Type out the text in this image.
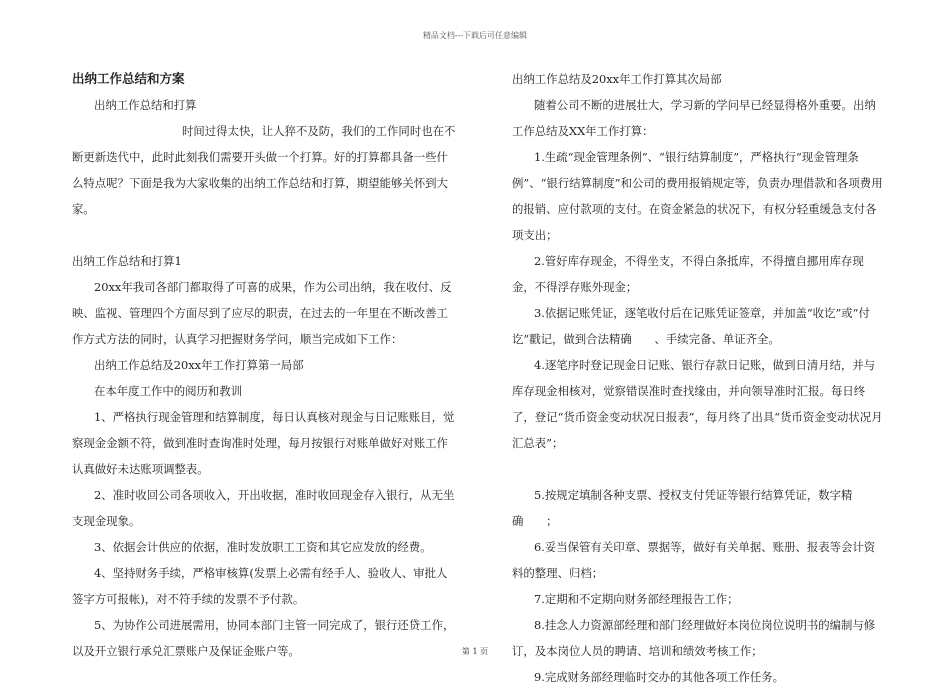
精品文档---下载后可任意编辑

出纳工作总结和方案

出纳工作总结和打算

时间过得太快，让人猝不及防，我们的工作同时也在不断更新迭代中，此时此刻我们需要开头做一个打算。好的打算都具备一些什么特点呢？下面是我为大家收集的出纳工作总结和打算，期望能够关怀到大家。

出纳工作总结和打算1

20xx年我司各部门都取得了可喜的成果，作为公司出纳，我在收付、反映、监视、管理四个方面尽到了应尽的职责，在过去的一年里在不断改善工作方式方法的同时，认真学习把握财务学问，顺当完成如下工作：

出纳工作总结及20xx年工作打算第一局部

在本年度工作中的阅历和教训

1、严格执行现金管理和结算制度，每日认真核对现金与日记账账目，觉察现金金额不符，做到准时查询准时处理，每月按银行对账单做好对账工作认真做好未达账项调整表。

2、准时收回公司各项收入，开出收据，准时收回现金存入银行，从无坐支现金现象。

3、依据会计供应的依据，准时发放职工工资和其它应发放的经费。

4、坚持财务手续，严格审核算(发票上必需有经手人、验收人、审批人签字方可报帐)，对不符手续的发票不予付款。

5、为协作公司进展需用，协同本部门主管一同完成了，银行还贷工作，以及开立银行承兑汇票账户及保证金账户等。

出纳工作总结及20xx年工作打算其次局部

随着公司不断的进展壮大，学习新的学问早已经显得格外重要。出纳工作总结及XX年工作打算：

1.生疏“现金管理条例”、“银行结算制度”，严格执行“现金管理条例”、“银行结算制度”和公司的费用报销规定等，负责办理借款和各项费用的报销、应付款项的支付。在资金紧急的状况下，有权分轻重缓急支付各项支出；

2.管好库存现金，不得坐支，不得白条抵库，不得擅自挪用库存现金，不得浮存账外现金；

3.依据记账凭证，逐笔收付后在记账凭证签章，并加盖“收讫”或“付讫”戳记，做到合法精确　　、手续完备、单证齐全。

4.逐笔序时登记现金日记账、银行存款日记账，做到日清月结，并与库存现金相核对，觉察错误准时查找缘由，并向领导准时汇报。每日终了，登记“货币资金变动状况日报表”，每月终了出具“货币资金变动状况月汇总表”；

5.按规定填制各种支票、授权支付凭证等银行结算凭证，数字精确　　；

6.妥当保管有关印章、票据等，做好有关单据、账册、报表等会计资料的整理、归档；

7.定期和不定期向财务部经理报告工作；

8.挂念人力资源部经理和部门经理做好本岗位岗位说明书的编制与修订，及本岗位人员的聘请、培训和绩效考核工作；

9.完成财务部经理临时交办的其他各项工作任务。

第 1 页
